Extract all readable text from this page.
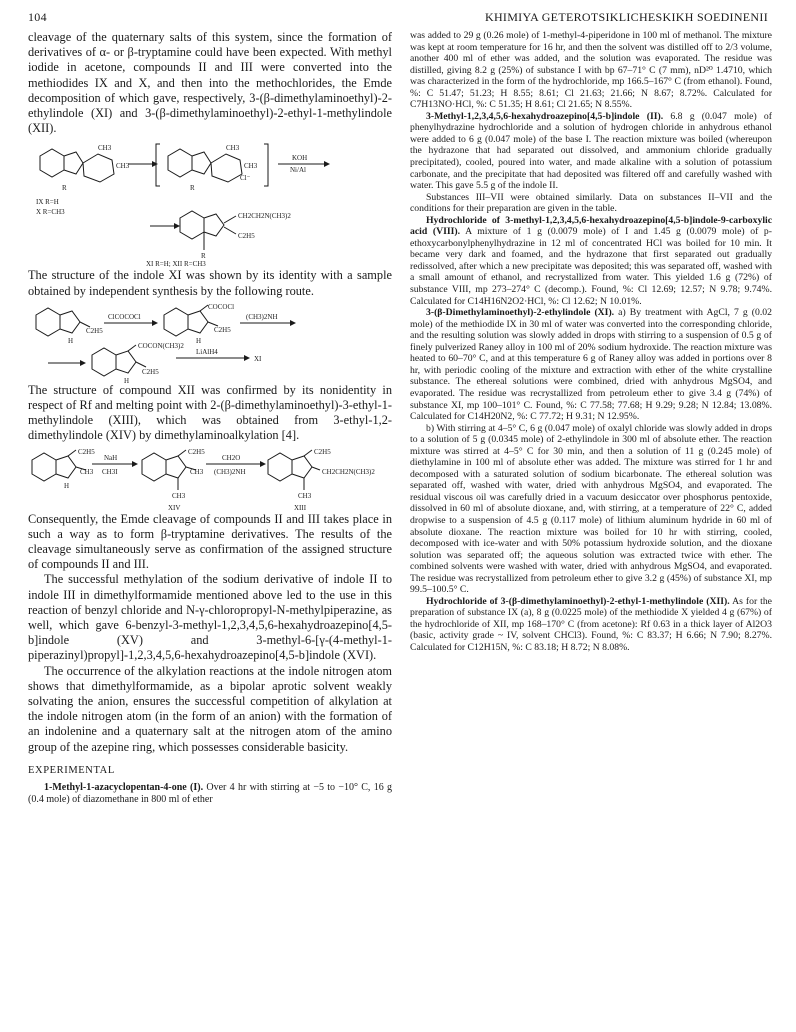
104	KHIMIYA GETEROTSIKLICHESKIKH SOEDINENII

cleavage of the quaternary salts of this system, since the formation of derivatives of α- or β-tryptamine could have been expected. With methyl iodide in acetone, compounds II and III were converted into the methiodides IX and X, and then into the methochlorides, the Emde decomposition of which gave, respectively, 3-(β-dimethylaminoethyl)-2-ethylindole (XI) and 3-(β-dimethylaminoethyl)-2-ethyl-1-methylindole (XII).

CH3
CH3
CH3
CH3
Cl⁻
KOH
Ni/Al
R	R
IX R=H
X R=CH3	CH2CH2N(CH3)2
C2H5
R
XI R=H; XII R=CH3

The structure of the indole XI was shown by its identity with a sample obtained by independent synthesis by the following route.

ClCOCOCl
COCOCl
(CH3)2NH
C2H5	C2H5
H	H
H
COCON(CH3)2
LiAlH4
XI
C2H5

The structure of compound XII was confirmed by its nonidentity in respect of Rf and melting point with 2-(β-dimethylaminoethyl)-3-ethyl-1-methylindole (XIII), which was obtained from 3-ethyl-1,2-dimethylindole (XIV) by dimethylaminoalkylation [4].

C2H5
CH3
NaH
CH3I
C2H5
CH3
CH2O
(CH3)2NH
C2H5
CH2CH2N(CH3)2
H
CH3	CH3
XIV	XIII

Consequently, the Emde cleavage of compounds II and III takes place in such a way as to form β-tryptamine derivatives. The results of the cleavage simultaneously serve as confirmation of the assigned structure of compounds II and III.

The successful methylation of the sodium derivative of indole II to indole III in dimethylformamide mentioned above led to the use in this reaction of benzyl chloride and N-γ-chloropropyl-N-methylpiperazine, as well, which gave 6-benzyl-3-methyl-1,2,3,4,5,6-hexahydroazepino[4,5-b]indole (XV) and 3-methyl-6-[γ-(4-methyl-1-piperazinyl)propyl]-1,2,3,4,5,6-hexahydroazepino[4,5-b]indole (XVI).

The occurrence of the alkylation reactions at the indole nitrogen atom shows that dimethylformamide, as a bipolar aprotic solvent weakly solvating the anion, ensures the successful competition of alkylation at the indole nitrogen atom (in the form of an anion) with the formation of an indolenine and a quaternary salt at the nitrogen atom of the amino group of the azepine ring, which possesses considerable basicity.

EXPERIMENTAL

1-Methyl-1-azacyclopentan-4-one (I). Over 4 hr with stirring at −5 to −10° C, 16 g (0.4 mole) of diazomethane in 800 ml of ether

was added to 29 g (0.26 mole) of 1-methyl-4-piperidone in 100 ml of methanol. The mixture was kept at room temperature for 16 hr, and then the solvent was distilled off to 2/3 volume, another 400 ml of ether was added, and the solution was evaporated. The residue was distilled, giving 8.2 g (25%) of substance I with bp 67–71° C (7 mm), nD²⁰ 1.4710, which was characterized in the form of the hydrochloride, mp 166.5–167° C (from ethanol). Found, %: C 51.47; 51.23; H 8.55; 8.61; Cl 21.63; 21.66; N 8.67; 8.72%. Calculated for C7H13NO·HCl, %: C 51.35; H 8.61; Cl 21.65; N 8.55%.

3-Methyl-1,2,3,4,5,6-hexahydroazepino[4,5-b]indole (II). 6.8 g (0.047 mole) of phenylhydrazine hydrochloride and a solution of hydrogen chloride in anhydrous ethanol were added to 6 g (0.047 mole) of the base I. The reaction mixture was boiled (whereupon the hydrazone that had separated out dissolved, and ammonium chloride gradually precipitated), cooled, poured into water, and made alkaline with a solution of potassium carbonate, and the precipitate that had deposited was filtered off and carefully washed with water. This gave 5.5 g of the indole II.

Substances III–VII were obtained similarly. Data on substances II–VII and the conditions for their preparation are given in the table.

Hydrochloride of 3-methyl-1,2,3,4,5,6-hexahydroazepino[4,5-b]indole-9-carboxylic acid (VIII). A mixture of 1 g (0.0079 mole) of I and 1.45 g (0.0079 mole) of p-ethoxycarbonylphenylhydrazine in 12 ml of concentrated HCl was boiled for 10 min. It became very dark and foamed, and the hydrazone that first separated out gradually redissolved, after which a new precipitate was deposited; this was separated off, washed with a small amount of ethanol, and recrystallized from water. This yielded 1.6 g (72%) of substance VIII, mp 273–274° C (decomp.). Found, %: Cl 12.69; 12.57; N 9.78; 9.74%. Calculated for C14H16N2O2·HCl, %: Cl 12.62; N 10.01%.

3-(β-Dimethylaminoethyl)-2-ethylindole (XI). a) By treatment with AgCl, 7 g (0.02 mole) of the methiodide IX in 30 ml of water was converted into the corresponding chloride, and the resulting solution was slowly added in drops with stirring to a suspension of 0.5 g of finely pulverized Raney alloy in 100 ml of 20% sodium hydroxide. The reaction mixture was heated to 60–70° C, and at this temperature 6 g of Raney alloy was added in portions over 8 hr, with periodic cooling of the mixture and extraction with ether of the white crystalline substance. The ethereal solutions were combined, dried with anhydrous MgSO4, and evaporated. The residue was recrystallized from petroleum ether to give 3.4 g (74%) of substance XI, mp 100–101° C. Found, %: C 77.58; 77.68; H 9.29; 9.28; N 12.84; 13.08%. Calculated for C14H20N2, %: C 77.72; H 9.31; N 12.95%.

b) With stirring at 4–5° C, 6 g (0.047 mole) of oxalyl chloride was slowly added in drops to a solution of 5 g (0.0345 mole) of 2-ethylindole in 300 ml of absolute ether. The reaction mixture was stirred at 4–5° C for 30 min, and then a solution of 11 g (0.245 mole) of diethylamine in 100 ml of absolute ether was added. The mixture was stirred for 1 hr and decomposed with a saturated solution of sodium bicarbonate. The ethereal solution was separated off, washed with water, dried with anhydrous MgSO4, and evaporated. The residual viscous oil was carefully dried in a vacuum desiccator over phosphorus pentoxide, dissolved in 60 ml of absolute dioxane, and, with stirring, at a temperature of 22° C, added dropwise to a suspension of 4.5 g (0.117 mole) of lithium aluminum hydride in 60 ml of absolute dioxane. The reaction mixture was boiled for 10 hr with stirring, cooled, decomposed with ice-water and with 50% potassium hydroxide solution, and the dioxane solution was separated off; the aqueous solution was extracted twice with ether. The combined solvents were washed with water, dried with anhydrous MgSO4, and evaporated. The residue was recrystallized from petroleum ether to give 3.2 g (45%) of substance XI, mp 99.5–100.5° C.

Hydrochloride of 3-(β-dimethylaminoethyl)-2-ethyl-1-methylindole (XII). As for the preparation of substance IX (a), 8 g (0.0225 mole) of the methiodide X yielded 4 g (67%) of the hydrochloride of XII, mp 168–170° C (from acetone): Rf 0.63 in a thick layer of Al2O3 (basic, activity grade ~ IV, solvent CHCl3). Found, %: C 83.37; H 6.66; N 7.90; 8.27%. Calculated for C12H15N, %: C 83.18; H 8.72; N 8.08%.
